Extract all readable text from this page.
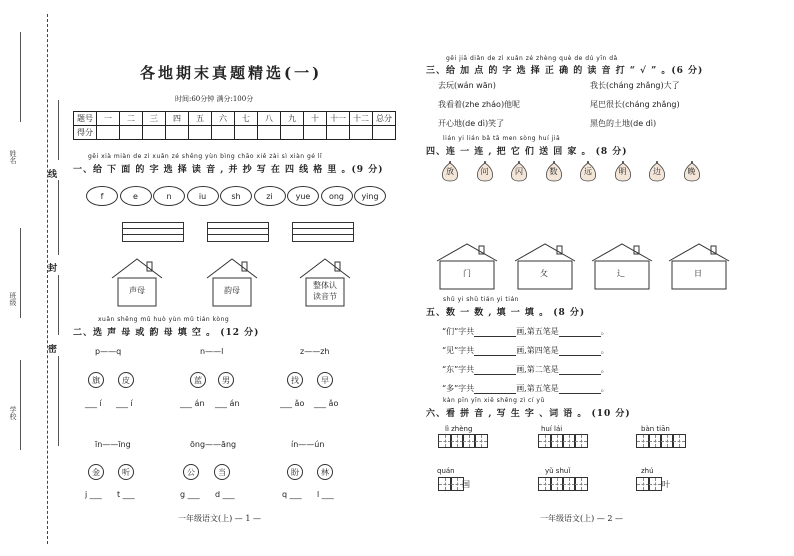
姓名
班级
学校
线
封
密
各地期末真题精选(一)
时间:60分钟 满分:100分
题号	一	二	三	四	五	六	七	八	九	十	十一	十二	总分
得分													
gěi xià miàn de zì xuǎn zé shēng yùn bìng chāo xiě zài sì xiàn gé lǐ
一、给 下 面 的 字 选 择 读 音 , 并 抄 写 在 四 线 格 里 。(9 分)
f	e	n	iu	sh	zi	yue	ong	ying
声母	韵母
整体认
读音节
xuǎn shēng mǔ huò yùn mǔ tián kòng
二、选 声 母 或 韵 母 填 空 。 (12 分)
p——q	n——l	z——zh
旗	皮	蓝	男	找	早
___ í ___ í	___ án ___ án	___ ǎo ___ ǎo
金	听	公	当	盼	林
j ___ t ___	g ___ d ___	q ___ l ___
īn——īng	ōng——āng	ín——ún
一年级语文(上) — 1 —
gěi jiā diǎn de zì xuǎn zé zhèng què de dú yīn dǎ
三、给 加 点 的 字 选 择 正 确 的 读 音 打 “ √ ” 。(6 分)
去玩(wán wān)	我长(cháng zhǎng)大了
我看着(zhe zháo)他呢	尾巴很长(cháng zhǎng)
开心地(de dì)笑了	黑色的土地(de dì)
lián yi lián bǎ tā men sòng huí jiā
四、连 一 连 , 把 它 们 送 回 家 。 (8 分)
放	问	闪	数	远	明	边	晚
门	攵	辶	日
shǔ yi shǔ tián yi tián
五、数 一 数 , 填 一 填 。 (8 分)
“们”字共	画,第五笔是	。
“见”字共	画,第四笔是	。
“东”字共	画,第二笔是	。
“多”字共	画,第五笔是	。
kàn pīn yīn xiě shēng zì cí yǔ
六、看 拼 音 , 写 生 字 、词 语 。 (10 分)
lì zhèng	huí lái	bàn tiān
quán	yǔ shuǐ	zhú
国	叶
一年级语文(上) — 2 —
